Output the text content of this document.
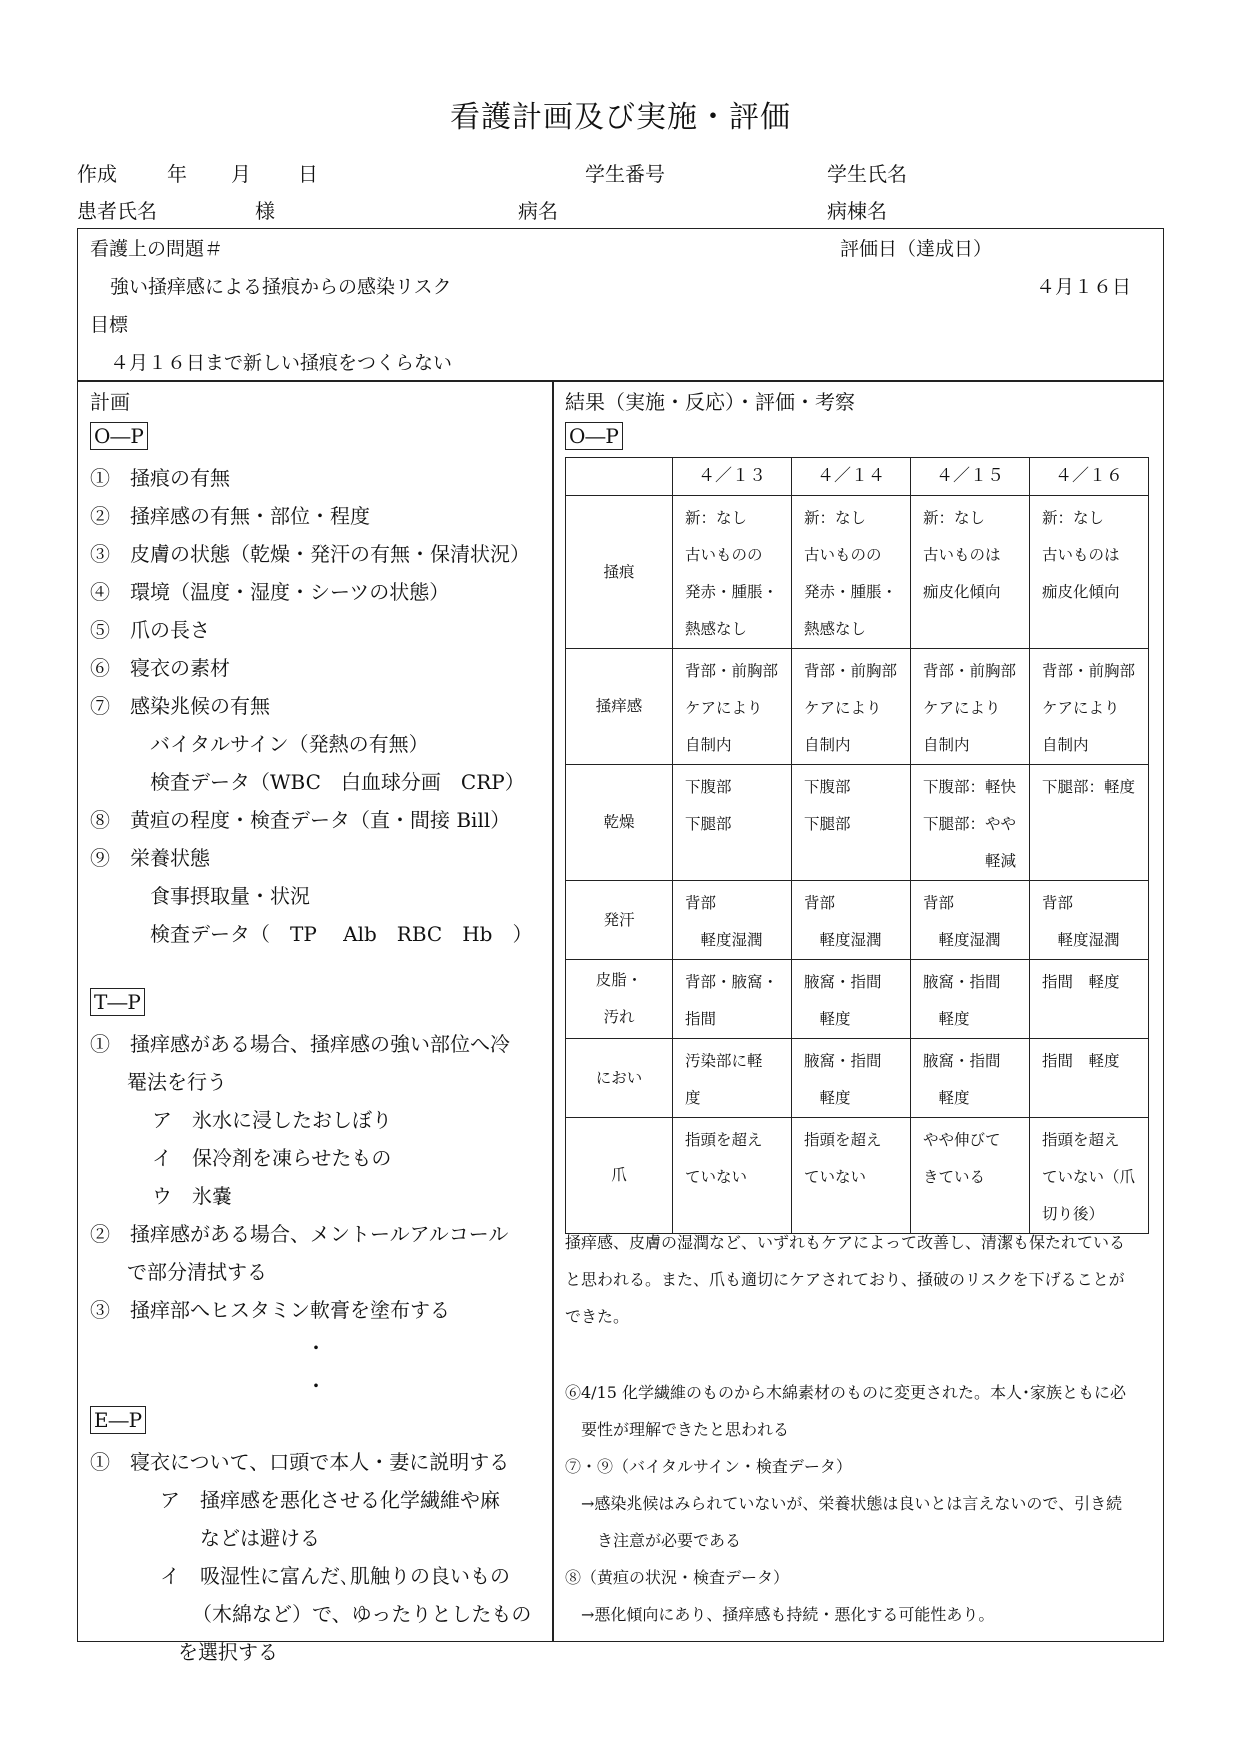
看護計画及び実施・評価
作成	年 月 日	学生番号	学生氏名
患者氏名	様	病名	病棟名
看護上の問題＃	評価日（達成日）
強い掻痒感による掻痕からの感染リスク	４月１６日
目標
４月１６日まで新しい掻痕をつくらない
計画
O―P
①　掻痕の有無
②　掻痒感の有無・部位・程度
③　皮膚の状態（乾燥・発汗の有無・保清状況）
④　環境（温度・湿度・シーツの状態）
⑤　爪の長さ
⑥　寝衣の素材
⑦　感染兆候の有無
バイタルサイン（発熱の有無）
検査データ（WBC　白血球分画　CRP）
⑧　黄疸の程度・検査データ（直・間接 Bill）
⑨　栄養状態
食事摂取量・状況
検査データ（　TP　 Alb　RBC　Hb　）
T―P
①　掻痒感がある場合、掻痒感の強い部位へ冷
罨法を行う
ア　氷水に浸したおしぼり
イ　保冷剤を凍らせたもの
ウ　氷嚢
②　掻痒感がある場合、メントールアルコール
で部分清拭する
③　掻痒部へヒスタミン軟膏を塗布する
・
・
E―P
①　寝衣について、口頭で本人・妻に説明する
ア　掻痒感を悪化させる化学繊維や麻
などは避ける
イ　吸湿性に富んだ､肌触りの良いもの
（木綿など）で、ゆったりとしたもの
を選択する
結果（実施・反応）・評価・考察
O―P
	４／１３	４／１４	４／１５	４／１６

掻痕	新：なし
古いものの
発赤・腫脹・
熱感なし	新：なし
古いものの
発赤・腫脹・
熱感なし	新：なし
古いものは
痂皮化傾向	新：なし
古いものは
痂皮化傾向

掻痒感	背部・前胸部
ケアにより
自制内	背部・前胸部
ケアにより
自制内	背部・前胸部
ケアにより
自制内	背部・前胸部
ケアにより
自制内

乾燥	下腹部
下腿部	下腹部
下腿部	下腹部：軽快
下腿部：やや
　　　　軽減	下腿部：軽度

発汗	背部
　軽度湿潤	背部
　軽度湿潤	背部
　軽度湿潤	背部
　軽度湿潤

皮脂・
汚れ	背部・腋窩・
指間	腋窩・指間
　軽度	腋窩・指間
　軽度	指間　軽度

におい	汚染部に軽
度	腋窩・指間
　軽度	腋窩・指間
　軽度	指間　軽度

爪	指頭を超え
ていない	指頭を超え
ていない	やや伸びて
きている	指頭を超え
ていない（爪
切り後）
掻痒感、皮膚の湿潤など、いずれもケアによって改善し、清潔も保たれている
と思われる。また、爪も適切にケアされており、掻破のリスクを下げることが
できた。
⑥4/15 化学繊維のものから木綿素材のものに変更された。本人･家族ともに必
　要性が理解できたと思われる
⑦・⑨（バイタルサイン・検査データ）
　→感染兆候はみられていないが、栄養状態は良いとは言えないので、引き続
　　き注意が必要である
⑧（黄疸の状況・検査データ）
　→悪化傾向にあり、掻痒感も持続・悪化する可能性あり。
